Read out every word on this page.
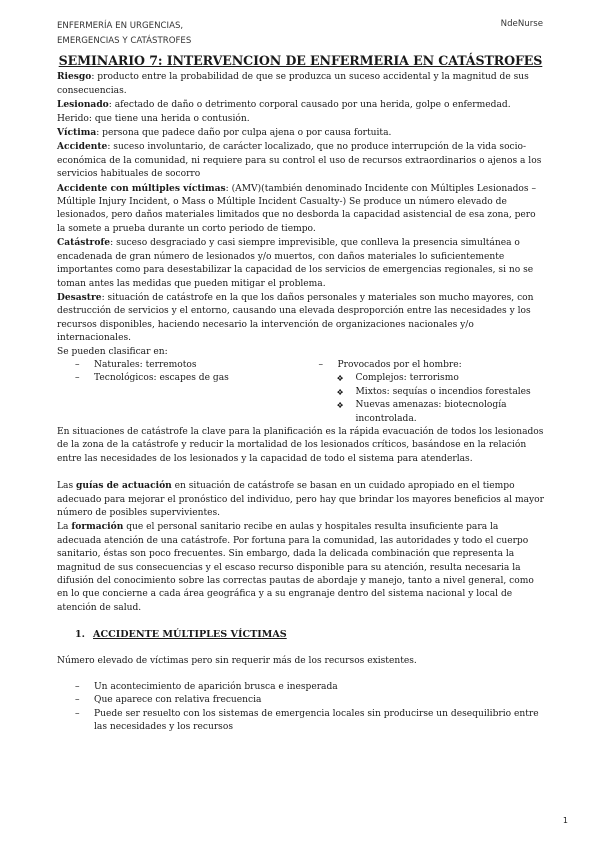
ENFERMERÍA EN URGENCIAS,
EMERGENCIAS Y CATÁSTROFES
NdeNurse
SEMINARIO 7: INTERVENCION DE ENFERMERIA EN CATÁSTROFES

Riesgo: producto entre la probabilidad de que se produzca un suceso accidental y la magnitud de sus consecuencias.

Lesionado: afectado de daño o detrimento corporal causado por una herida, golpe o enfermedad. Herido: que tiene una herida o contusión.

Víctima: persona que padece daño por culpa ajena o por causa fortuita.

Accidente: suceso involuntario, de carácter localizado, que no produce interrupción de la vida socio-económica de la comunidad, ni requiere para su control el uso de recursos extraordinarios o ajenos a los servicios habituales de socorro

Accidente con múltiples víctimas: (AMV)(también denominado Incidente con Múltiples Lesionados – Múltiple Injury Incident, o Mass o Múltiple Incident Casualty-) Se produce un número elevado de lesionados, pero daños materiales limitados que no desborda la capacidad asistencial de esa zona, pero la somete a prueba durante un corto periodo de tiempo.

Catástrofe: suceso desgraciado y casi siempre imprevisible, que conlleva la presencia simultánea o encadenada de gran número de lesionados y/o muertos, con daños materiales lo suficientemente importantes como para desestabilizar la capacidad de los servicios de emergencias regionales, si no se toman antes las medidas que pueden mitigar el problema.

Desastre: situación de catástrofe en la que los daños personales y materiales son mucho mayores, con destrucción de servicios y el entorno, causando una elevada desproporción entre las necesidades y los recursos disponibles, haciendo necesario la intervención de organizaciones nacionales y/o internacionales.

Se pueden clasificar en:

– Naturales: terremotos
– Tecnológicos: escapes de gas
– Provocados por el hombre:
❖ Complejos: terrorismo
❖ Mixtos: sequías o incendios forestales
❖ Nuevas amenazas: biotecnología incontrolada.

En situaciones de catástrofe la clave para la planificación es la rápida evacuación de todos los lesionados de la zona de la catástrofe y reducir la mortalidad de los lesionados críticos, basándose en la relación entre las necesidades de los lesionados y la capacidad de todo el sistema para atenderlas.

Las guías de actuación en situación de catástrofe se basan en un cuidado apropiado en el tiempo adecuado para mejorar el pronóstico del individuo, pero hay que brindar los mayores beneficios al mayor número de posibles supervivientes.

La formación que el personal sanitario recibe en aulas y hospitales resulta insuficiente para la adecuada atención de una catástrofe. Por fortuna para la comunidad, las autoridades y todo el cuerpo sanitario, éstas son poco frecuentes. Sin embargo, dada la delicada combinación que representa la magnitud de sus consecuencias y el escaso recurso disponible para su atención, resulta necesaria la difusión del conocimiento sobre las correctas pautas de abordaje y manejo, tanto a nivel general, como en lo que concierne a cada área geográfica y a su engranaje dentro del sistema nacional y local de atención de salud.

1. ACCIDENTE MÚLTIPLES VÍCTIMAS

Número elevado de víctimas pero sin requerir más de los recursos existentes.

– Un acontecimiento de aparición brusca e inesperada
– Que aparece con relativa frecuencia
– Puede ser resuelto con los sistemas de emergencia locales sin producirse un desequilibrio entre las necesidades y los recursos
1
